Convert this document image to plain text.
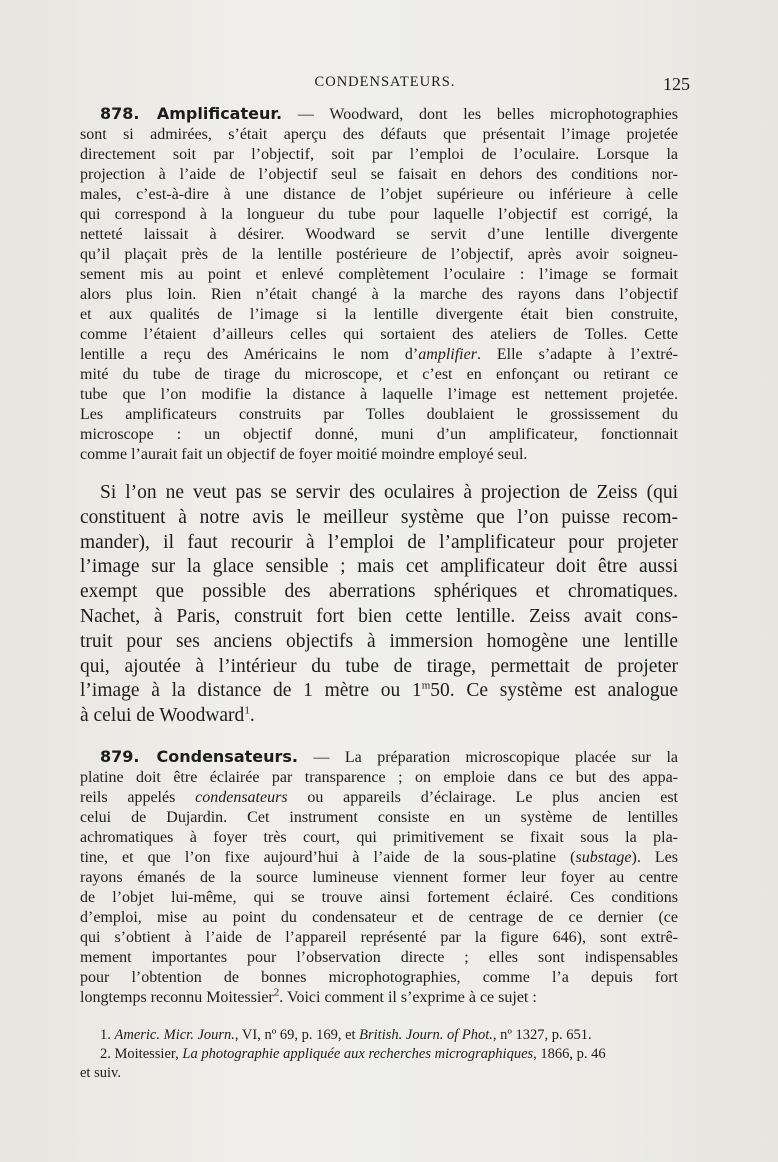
CONDENSATEURS.	125
878. Amplificateur. — Woodward, dont les belles microphotographies
sont si admirées, s’était aperçu des défauts que présentait l’image projetée
directement soit par l’objectif, soit par l’emploi de l’oculaire. Lorsque la
projection à l’aide de l’objectif seul se faisait en dehors des conditions nor-
males, c’est-à-dire à une distance de l’objet supérieure ou inférieure à celle
qui correspond à la longueur du tube pour laquelle l’objectif est corrigé, la
netteté laissait à désirer. Woodward se servit d’une lentille divergente
qu’il plaçait près de la lentille postérieure de l’objectif, après avoir soigneu-
sement mis au point et enlevé complètement l’oculaire : l’image se formait
alors plus loin. Rien n’était changé à la marche des rayons dans l’objectif
et aux qualités de l’image si la lentille divergente était bien construite,
comme l’étaient d’ailleurs celles qui sortaient des ateliers de Tolles. Cette
lentille a reçu des Américains le nom d’amplifier. Elle s’adapte à l’extré-
mité du tube de tirage du microscope, et c’est en enfonçant ou retirant ce
tube que l’on modifie la distance à laquelle l’image est nettement projetée.
Les amplificateurs construits par Tolles doublaient le grossissement du
microscope : un objectif donné, muni d’un amplificateur, fonctionnait
comme l’aurait fait un objectif de foyer moitié moindre employé seul.
Si l’on ne veut pas se servir des oculaires à projection de Zeiss (qui
constituent à notre avis le meilleur système que l’on puisse recom-
mander), il faut recourir à l’emploi de l’amplificateur pour projeter
l’image sur la glace sensible ; mais cet amplificateur doit être aussi
exempt que possible des aberrations sphériques et chromatiques.
Nachet, à Paris, construit fort bien cette lentille. Zeiss avait cons-
truit pour ses anciens objectifs à immersion homogène une lentille
qui, ajoutée à l’intérieur du tube de tirage, permettait de projeter
l’image à la distance de 1 mètre ou 1$^m$50. Ce système est analogue
à celui de Woodward$^1$.
879. Condensateurs. — La préparation microscopique placée sur la
platine doit être éclairée par transparence ; on emploie dans ce but des appa-
reils appelés condensateurs ou appareils d’éclairage. Le plus ancien est
celui de Dujardin. Cet instrument consiste en un système de lentilles
achromatiques à foyer très court, qui primitivement se fixait sous la pla-
tine, et que l’on fixe aujourd’hui à l’aide de la sous-platine (substage). Les
rayons émanés de la source lumineuse viennent former leur foyer au centre
de l’objet lui-même, qui se trouve ainsi fortement éclairé. Ces conditions
d’emploi, mise au point du condensateur et de centrage de ce dernier (ce
qui s’obtient à l’aide de l’appareil représenté par la figure 646), sont extrê-
mement importantes pour l’observation directe ; elles sont indispensables
pour l’obtention de bonnes microphotographies, comme l’a depuis fort
longtemps reconnu Moitessier$^2$. Voici comment il s’exprime à ce sujet :
1. Americ. Micr. Journ., VI, nº 69, p. 169, et British. Journ. of Phot., nº 1327, p. 651.
2. Moitessier, La photographie appliquée aux recherches micrographiques, 1866, p. 46
et suiv.
